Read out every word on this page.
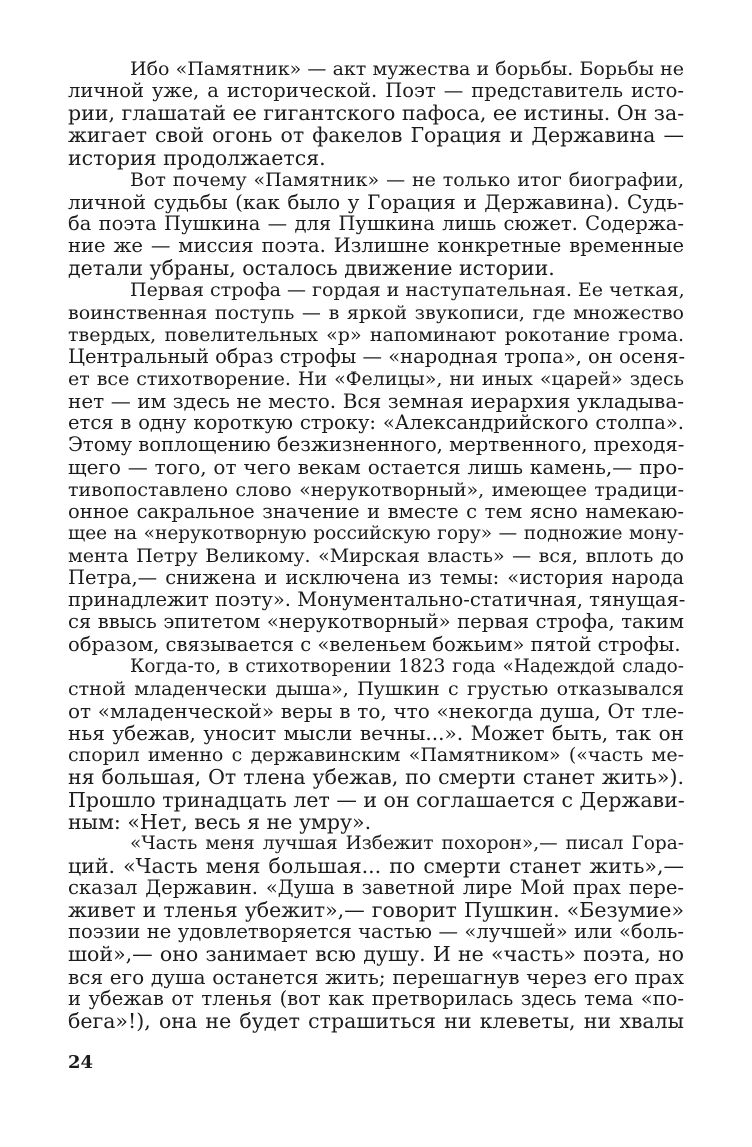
Ибо «Памятник» — акт мужества и борьбы. Борьбы не
личной уже, а исторической. Поэт — представитель исто-
рии, глашатай ее гигантского пафоса, ее истины. Он за-
жигает свой огонь от факелов Горация и Державина —
история продолжается.
Вот почему «Памятник» — не только итог биографии,
личной судьбы (как было у Горация и Державина). Судь-
ба поэта Пушкина — для Пушкина лишь сюжет. Содержа-
ние же — миссия поэта. Излишне конкретные временные
детали убраны, осталось движение истории.
Первая строфа — гордая и наступательная. Ее четкая,
воинственная поступь — в яркой звукописи, где множество
твердых, повелительных «р» напоминают рокотание грома.
Центральный образ строфы — «народная тропа», он осеня-
ет все стихотворение. Ни «Фелицы», ни иных «царей» здесь
нет — им здесь не место. Вся земная иерархия укладыва-
ется в одну короткую строку: «Александрийского столпа».
Этому воплощению безжизненного, мертвенного, преходя-
щего — того, от чего векам остается лишь камень,— про-
тивопоставлено слово «нерукотворный», имеющее традици-
онное сакральное значение и вместе с тем ясно намекаю-
щее на «нерукотворную российскую гору» — подножие мону-
мента Петру Великому. «Мирская власть» — вся, вплоть до
Петра,— снижена и исключена из темы: «история народа
принадлежит поэту». Монументально-статичная, тянущая-
ся ввысь эпитетом «нерукотворный» первая строфа, таким
образом, связывается с «веленьем божьим» пятой строфы.
Когда-то, в стихотворении 1823 года «Надеждой сладо-
стной младенчески дыша», Пушкин с грустью отказывался
от «младенческой» веры в то, что «некогда душа, От тле-
нья убежав, уносит мысли вечны...». Может быть, так он
спорил именно с державинским «Памятником» («часть ме-
ня большая, От тлена убежав, по смерти станет жить»).
Прошло тринадцать лет — и он соглашается с Держави-
ным: «Нет, весь я не умру».
«Часть меня лучшая Избежит похорон»,— писал Гора-
ций. «Часть меня большая... по смерти станет жить»,—
сказал Державин. «Душа в заветной лире Мой прах пере-
живет и тленья убежит»,— говорит Пушкин. «Безумие»
поэзии не удовлетворяется частью — «лучшей» или «боль-
шой»,— оно занимает всю душу. И не «часть» поэта, но
вся его душа останется жить; перешагнув через его прах
и убежав от тленья (вот как претворилась здесь тема «по-
бега»!), она не будет страшиться ни клеветы, ни хвалы
24
